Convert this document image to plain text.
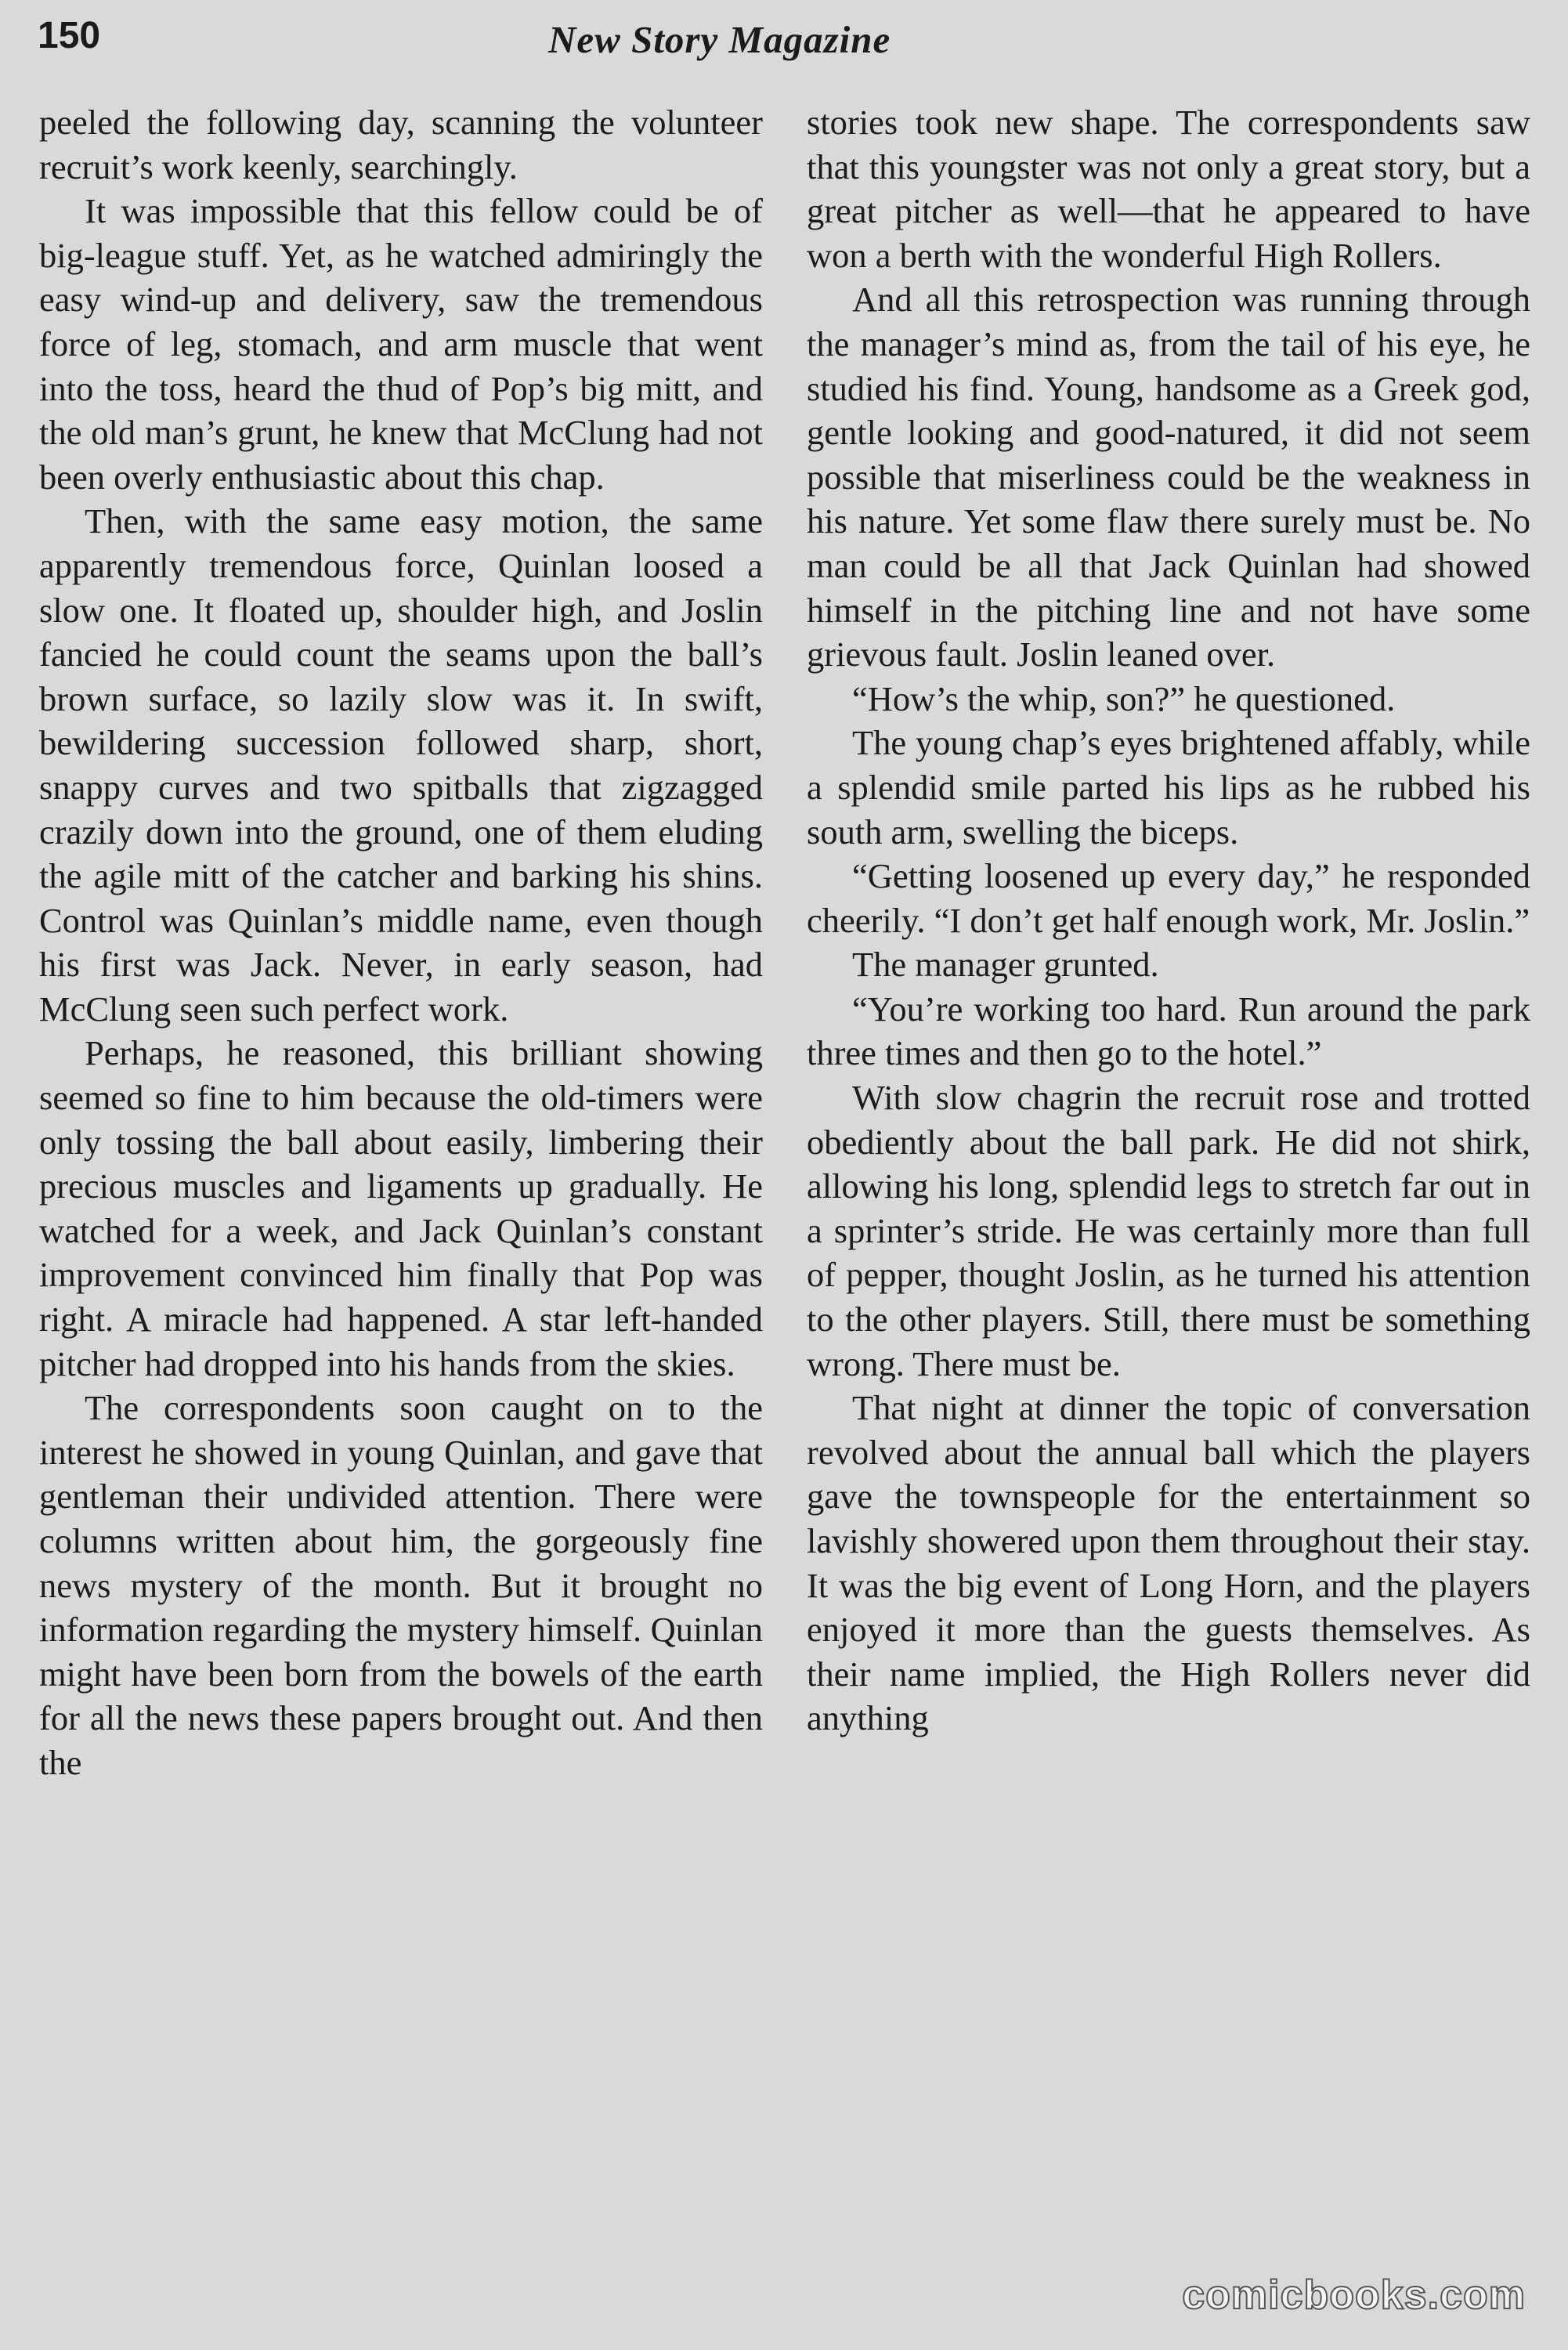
150	New Story Magazine

peeled the following day, scanning the volunteer recruit’s work keenly, searchingly.

It was impossible that this fellow could be of big-league stuff. Yet, as he watched admiringly the easy wind-up and delivery, saw the tremendous force of leg, stomach, and arm muscle that went into the toss, heard the thud of Pop’s big mitt, and the old man’s grunt, he knew that McClung had not been overly enthusiastic about this chap.

Then, with the same easy motion, the same apparently tremendous force, Quinlan loosed a slow one. It floated up, shoulder high, and Joslin fancied he could count the seams upon the ball’s brown surface, so lazily slow was it. In swift, bewildering succession followed sharp, short, snappy curves and two spitballs that zigzagged crazily down into the ground, one of them eluding the agile mitt of the catcher and barking his shins. Control was Quinlan’s middle name, even though his first was Jack. Never, in early season, had McClung seen such perfect work.

Perhaps, he reasoned, this brilliant showing seemed so fine to him because the old-timers were only tossing the ball about easily, limbering their precious muscles and ligaments up gradually. He watched for a week, and Jack Quinlan’s constant improvement convinced him finally that Pop was right. A miracle had happened. A star left-handed pitcher had dropped into his hands from the skies.

The correspondents soon caught on to the interest he showed in young Quinlan, and gave that gentleman their undivided attention. There were columns written about him, the gorgeously fine news mystery of the month. But it brought no information regarding the mystery himself. Quinlan might have been born from the bowels of the earth for all the news these papers brought out. And then the

stories took new shape. The correspondents saw that this youngster was not only a great story, but a great pitcher as well—that he appeared to have won a berth with the wonderful High Rollers.

And all this retrospection was running through the manager’s mind as, from the tail of his eye, he studied his find. Young, handsome as a Greek god, gentle looking and good-natured, it did not seem possible that miserliness could be the weakness in his nature. Yet some flaw there surely must be. No man could be all that Jack Quinlan had showed himself in the pitching line and not have some grievous fault. Joslin leaned over.

“How’s the whip, son?” he questioned.

The young chap’s eyes brightened affably, while a splendid smile parted his lips as he rubbed his south arm, swelling the biceps.

“Getting loosened up every day,” he responded cheerily. “I don’t get half enough work, Mr. Joslin.”

The manager grunted.

“You’re working too hard. Run around the park three times and then go to the hotel.”

With slow chagrin the recruit rose and trotted obediently about the ball park. He did not shirk, allowing his long, splendid legs to stretch far out in a sprinter’s stride. He was certainly more than full of pepper, thought Joslin, as he turned his attention to the other players. Still, there must be something wrong. There must be.

That night at dinner the topic of conversation revolved about the annual ball which the players gave the townspeople for the entertainment so lavishly showered upon them throughout their stay. It was the big event of Long Horn, and the players enjoyed it more than the guests themselves. As their name implied, the High Rollers never did anything

comicbooks.com
